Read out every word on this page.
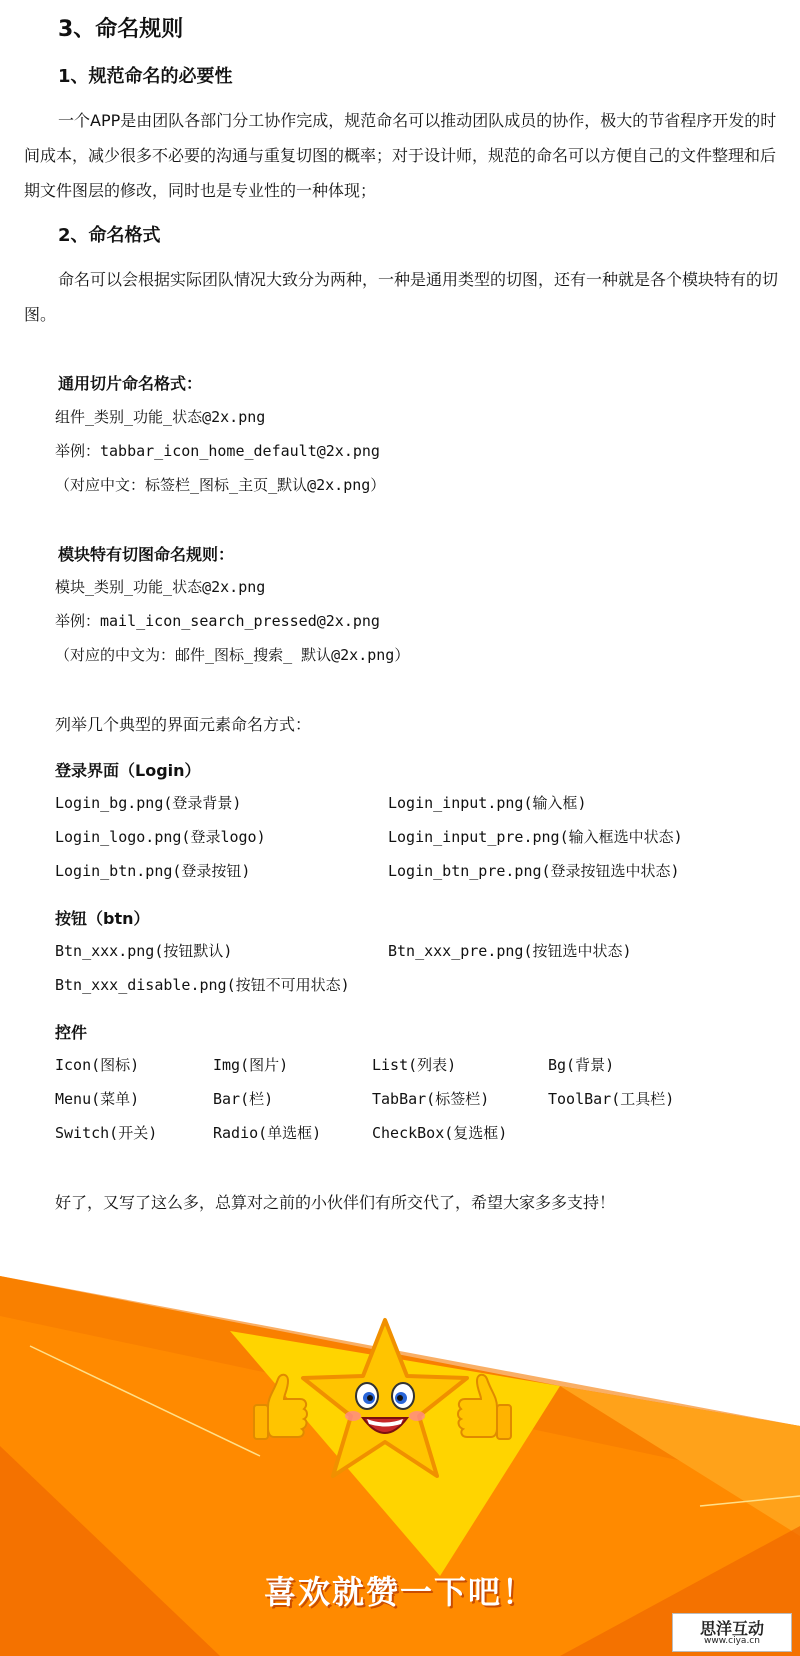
3、命名规则
1、规范命名的必要性
一个APP是由团队各部门分工协作完成，规范命名可以推动团队成员的协作，极大的节省程序开发的时间成本，减少很多不必要的沟通与重复切图的概率；对于设计师，规范的命名可以方便自己的文件整理和后期文件图层的修改，同时也是专业性的一种体现；
2、命名格式
命名可以会根据实际团队情况大致分为两种，一种是通用类型的切图，还有一种就是各个模块特有的切图。
通用切片命名格式：
组件_类别_功能_状态@2x.png
举例：tabbar_icon_home_default@2x.png
（对应中文：标签栏_图标_主页_默认@2x.png）
模块特有切图命名规则：
模块_类别_功能_状态@2x.png
举例：mail_icon_search_pressed@2x.png
（对应的中文为：邮件_图标_搜索_ 默认@2x.png）
列举几个典型的界面元素命名方式：
登录界面（Login）
Login_bg.png(登录背景)	Login_input.png(输入框)
Login_logo.png(登录logo)	Login_input_pre.png(输入框选中状态)
Login_btn.png(登录按钮)	Login_btn_pre.png(登录按钮选中状态)
按钮（btn）
Btn_xxx.png(按钮默认)	Btn_xxx_pre.png(按钮选中状态)
Btn_xxx_disable.png(按钮不可用状态)
控件
Icon(图标)	Img(图片)	List(列表)	Bg(背景)
Menu(菜单)	Bar(栏)	TabBar(标签栏)	ToolBar(工具栏)
Switch(开关)	Radio(单选框)	CheckBox(复选框)
好了，又写了这么多，总算对之前的小伙伴们有所交代了，希望大家多多支持！
喜欢就赞一下吧！
思洋互动
www.ciya.cn
